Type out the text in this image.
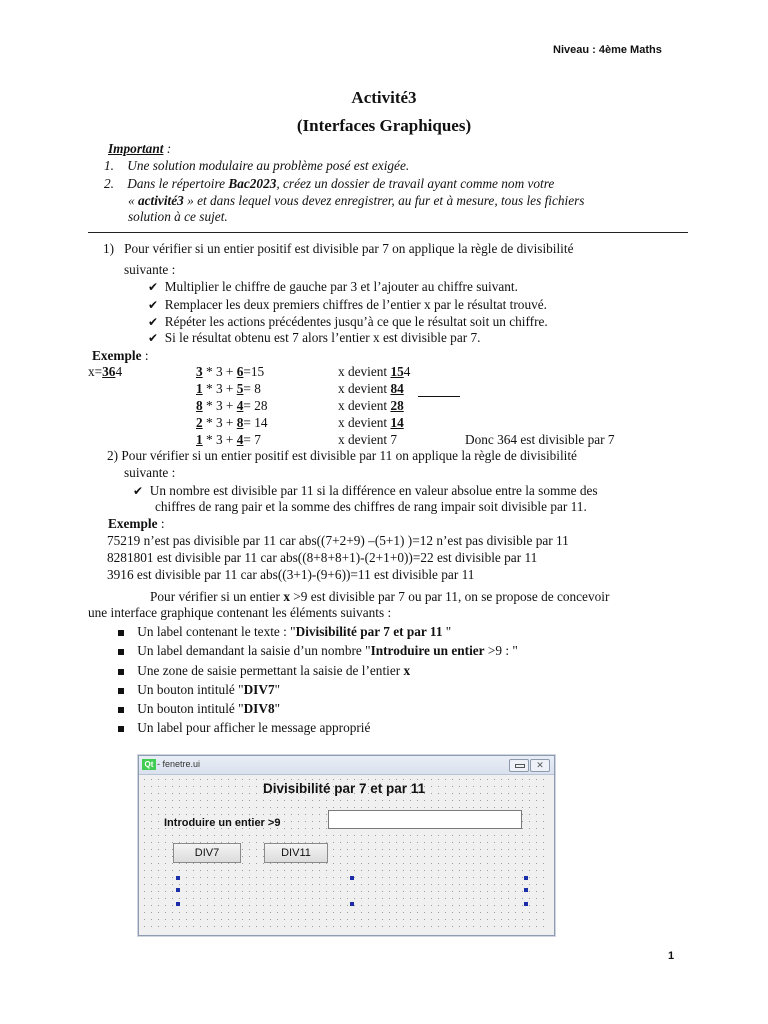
Niveau : 4ème Maths
Activité3
(Interfaces Graphiques)
Important :
1. Une solution modulaire au problème posé est exigée.
2. Dans le répertoire Bac2023, créez un dossier de travail ayant comme nom votre
« activité3 » et dans lequel vous devez enregistrer, au fur et à mesure, tous les fichiers
solution à ce sujet.
1) Pour vérifier si un entier positif est divisible par 7 on applique la règle de divisibilité
suivante :
✔   Multiplier le chiffre de gauche par 3 et l’ajouter au chiffre suivant.
✔   Remplacer les deux premiers chiffres de l’entier x par le résultat trouvé.
✔   Répéter les actions précédentes jusqu’à ce que le résultat soit un chiffre.
✔   Si le résultat obtenu est 7 alors l’entier x est divisible par 7.
Exemple :
x=364	3 * 3 + 6=15	x devient 154
1 * 3 + 5= 8	x devient 84
8 * 3 + 4= 28	x devient 28
2 * 3 + 8= 14	x devient 14
1 * 3 + 4= 7	x devient 7	Donc 364 est divisible par 7
2) Pour vérifier si un entier positif est divisible par 11 on applique la règle de divisibilité
suivante :
✔   Un nombre est divisible par 11 si la différence en valeur absolue entre la somme des
chiffres de rang pair et la somme des chiffres de rang impair soit divisible par 11.
Exemple :
75219 n’est pas divisible par 11 car abs((7+2+9) –(5+1) )=12 n’est pas divisible par 11
8281801 est divisible par 11 car abs((8+8+8+1)-(2+1+0))=22 est divisible par 11
3916 est divisible par 11 car abs((3+1)-(9+6))=11 est divisible par 11
Pour vérifier si un entier x >9 est divisible par 7 ou par 11, on se propose de concevoir
une interface graphique contenant les éléments suivants :
Un label contenant le texte : "Divisibilité par 7 et par 11 "
Un label demandant la saisie d’un nombre "Introduire un entier >9 : "
Une zone de saisie permettant la saisie de l’entier x
Un bouton intitulé "DIV7"
Un bouton intitulé "DIV8"
Un label pour afficher le message approprié
Qt - fenetre.ui	✕
Divisibilité par 7 et par 11
Introduire un entier >9
DIV7	DIV11
1
